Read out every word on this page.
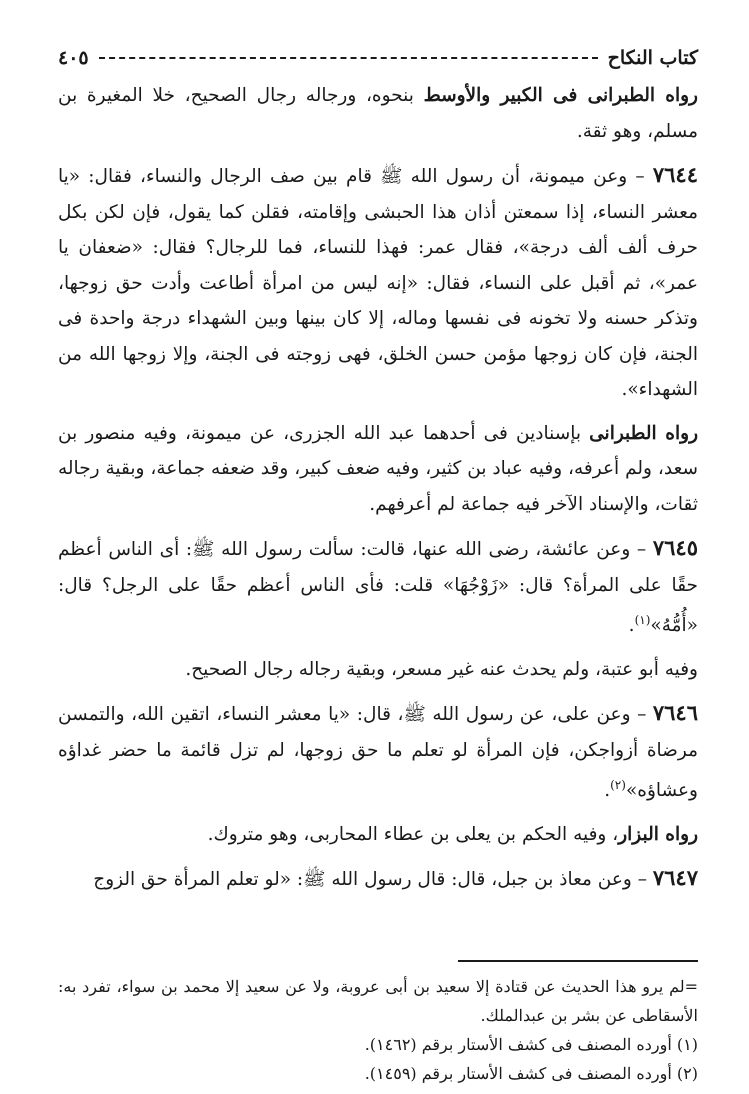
كتاب النكاح
٤٠٥

رواه الطبرانى فى الكبير والأوسط بنحوه، ورجاله رجال الصحيح، خلا المغيرة بن مسلم، وهو ثقة.

٧٦٤٤ – وعن ميمونة، أن رسول الله ﷺ قام بين صف الرجال والنساء، فقال: «يا معشر النساء، إذا سمعتن أذان هذا الحبشى وإقامته، فقلن كما يقول، فإن لكن بكل حرف ألف ألف درجة»، فقال عمر: فهذا للنساء، فما للرجال؟ فقال: «ضعفان يا عمر»، ثم أقبل على النساء، فقال: «إنه ليس من امرأة أطاعت وأدت حق زوجها، وتذكر حسنه ولا تخونه فى نفسها وماله، إلا كان بينها وبين الشهداء درجة واحدة فى الجنة، فإن كان زوجها مؤمن حسن الخلق، فهى زوجته فى الجنة، وإلا زوجها الله من الشهداء».

رواه الطبرانى بإسنادين فى أحدهما عبد الله الجزرى، عن ميمونة، وفيه منصور بن سعد، ولم أعرفه، وفيه عباد بن كثير، وفيه ضعف كبير، وقد ضعفه جماعة، وبقية رجاله ثقات، والإسناد الآخر فيه جماعة لم أعرفهم.

٧٦٤٥ – وعن عائشة، رضى الله عنها، قالت: سألت رسول الله ﷺ: أى الناس أعظم حقًا على المرأة؟ قال: «زَوْجُهَا» قلت: فأى الناس أعظم حقًا على الرجل؟ قال: «أُمُّهُ»$^{(١)}$.

وفيه أبو عتبة، ولم يحدث عنه غير مسعر، وبقية رجاله رجال الصحيح.

٧٦٤٦ – وعن على، عن رسول الله ﷺ، قال: «يا معشر النساء، اتقين الله، والتمسن مرضاة أزواجكن، فإن المرأة لو تعلم ما حق زوجها، لم تزل قائمة ما حضر غداؤه وعشاؤه»$^{(٢)}$.

رواه البزار، وفيه الحكم بن يعلى بن عطاء المحاربى، وهو متروك.

٧٦٤٧ – وعن معاذ بن جبل، قال: قال رسول الله ﷺ: «لو تعلم المرأة حق الزوج

=لم يرو هذا الحديث عن قتادة إلا سعيد بن أبى عروبة، ولا عن سعيد إلا محمد بن سواء، تفرد به: الأسقاطى عن بشر بن عبدالملك.

(١) أورده المصنف فى كشف الأستار برقم (١٤٦٢).

(٢) أورده المصنف فى كشف الأستار برقم (١٤٥٩).
